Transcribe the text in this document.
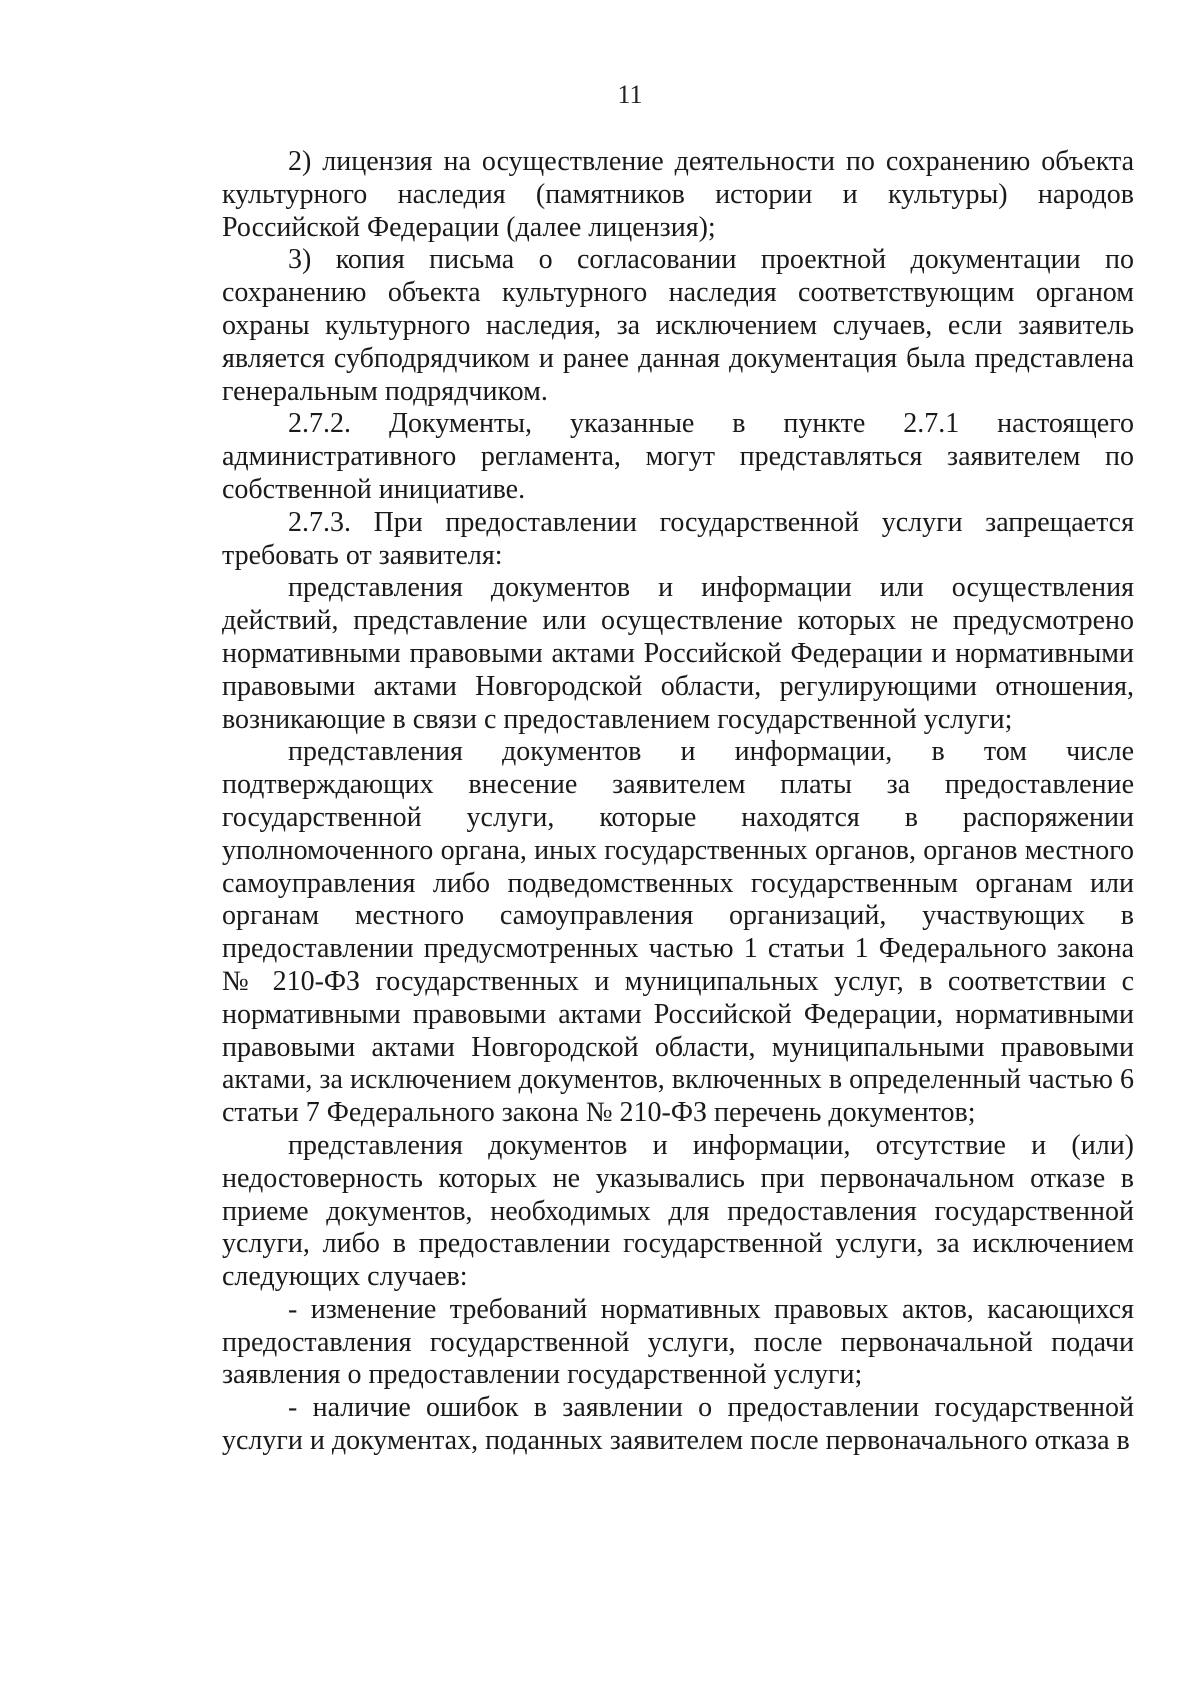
11

2) лицензия на осуществление деятельности по сохранению объекта культурного наследия (памятников истории и культуры) народов Российской Федерации (далее лицензия);

3) копия письма о согласовании проектной документации по сохранению объекта культурного наследия соответствующим органом охраны культурного наследия, за исключением случаев, если заявитель является субподрядчиком и ранее данная документация была представлена генеральным подрядчиком.

2.7.2. Документы, указанные в пункте 2.7.1 настоящего административного регламента, могут представляться заявителем по собственной инициативе.

2.7.3. При предоставлении государственной услуги запрещается требовать от заявителя:

представления документов и информации или осуществления действий, представление или осуществление которых не предусмотрено нормативными правовыми актами Российской Федерации и нормативными правовыми актами Новгородской области, регулирующими отношения, возникающие в связи с предоставлением государственной услуги;

представления документов и информации, в том числе подтверждающих внесение заявителем платы за предоставление государственной услуги, которые находятся в распоряжении уполномоченного органа, иных государственных органов, органов местного самоуправления либо подведомственных государственным органам или органам местного самоуправления организаций, участвующих в предоставлении предусмотренных частью 1 статьи 1 Федерального закона № 210-ФЗ государственных и муниципальных услуг, в соответствии с нормативными правовыми актами Российской Федерации, нормативными правовыми актами Новгородской области, муниципальными правовыми актами, за исключением документов, включенных в определенный частью 6 статьи 7 Федерального закона № 210-ФЗ перечень документов;

представления документов и информации, отсутствие и (или) недостоверность которых не указывались при первоначальном отказе в приеме документов, необходимых для предоставления государственной услуги, либо в предоставлении государственной услуги, за исключением следующих случаев:

- изменение требований нормативных правовых актов, касающихся предоставления государственной услуги, после первоначальной подачи заявления о предоставлении государственной услуги;

- наличие ошибок в заявлении о предоставлении государственной услуги и документах, поданных заявителем после первоначального отказа в
